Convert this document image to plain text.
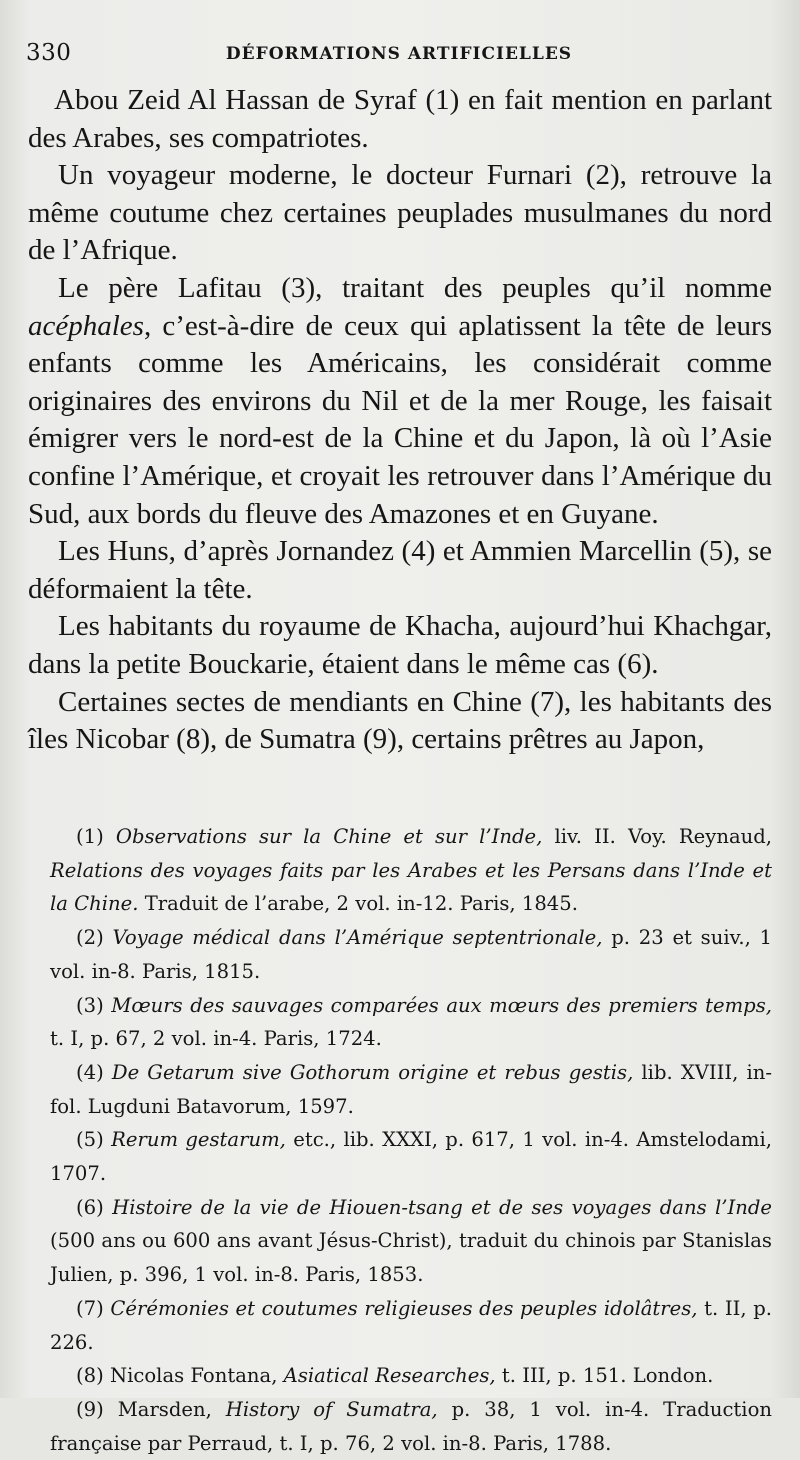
330	DÉFORMATIONS ARTIFICIELLES

Abou Zeid Al Hassan de Syraf (1) en fait mention en parlant des Arabes, ses compatriotes.

Un voyageur moderne, le docteur Furnari (2), retrouve la même coutume chez certaines peuplades musulmanes du nord de l’Afrique.

Le père Lafitau (3), traitant des peuples qu’il nomme acéphales, c’est-à-dire de ceux qui aplatissent la tête de leurs enfants comme les Américains, les considérait comme originaires des environs du Nil et de la mer Rouge, les faisait émigrer vers le nord-est de la Chine et du Japon, là où l’Asie confine l’Amérique, et croyait les retrouver dans l’Amérique du Sud, aux bords du fleuve des Amazones et en Guyane.

Les Huns, d’après Jornandez (4) et Ammien Marcellin (5), se déformaient la tête.

Les habitants du royaume de Khacha, aujourd’hui Khachgar, dans la petite Bouckarie, étaient dans le même cas (6).

Certaines sectes de mendiants en Chine (7), les habitants des îles Nicobar (8), de Sumatra (9), certains prêtres au Japon,

(1) Observations sur la Chine et sur l’Inde, liv. II. Voy. Reynaud, Relations des voyages faits par les Arabes et les Persans dans l’Inde et la Chine. Traduit de l’arabe, 2 vol. in-12. Paris, 1845.

(2) Voyage médical dans l’Amérique septentrionale, p. 23 et suiv., 1 vol. in-8. Paris, 1815.

(3) Mœurs des sauvages comparées aux mœurs des premiers temps, t. I, p. 67, 2 vol. in-4. Paris, 1724.

(4) De Getarum sive Gothorum origine et rebus gestis, lib. XVIII, in-fol. Lugduni Batavorum, 1597.

(5) Rerum gestarum, etc., lib. XXXI, p. 617, 1 vol. in-4. Amstelodami, 1707.

(6) Histoire de la vie de Hiouen-tsang et de ses voyages dans l’Inde (500 ans ou 600 ans avant Jésus-Christ), traduit du chinois par Stanislas Julien, p. 396, 1 vol. in-8. Paris, 1853.

(7) Cérémonies et coutumes religieuses des peuples idolâtres, t. II, p. 226.

(8) Nicolas Fontana, Asiatical Researches, t. III, p. 151. London.

(9) Marsden, History of Sumatra, p. 38, 1 vol. in-4. Traduction française par Perraud, t. I, p. 76, 2 vol. in-8. Paris, 1788.
